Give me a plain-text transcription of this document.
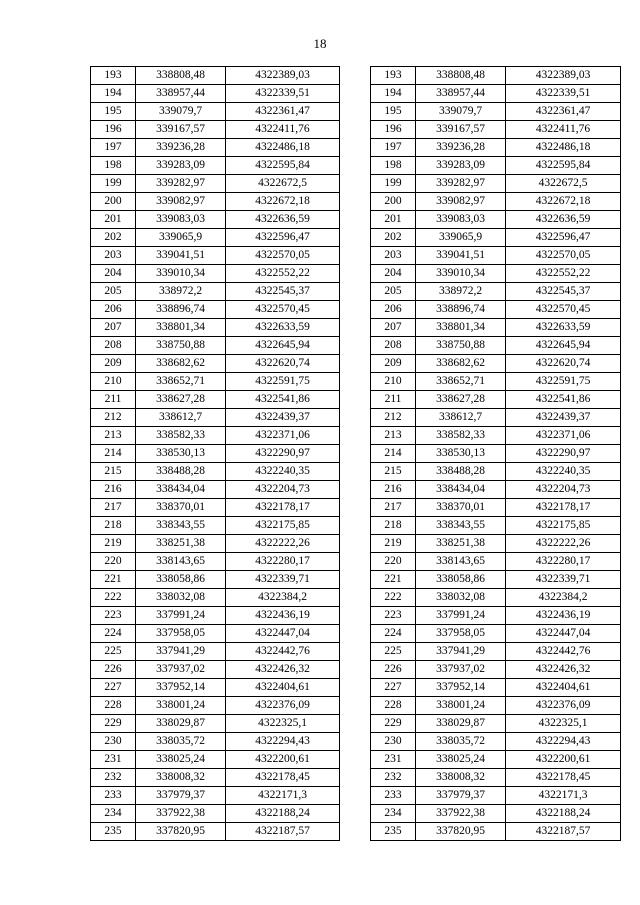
18
193	338808,48	4322389,03
194	338957,44	4322339,51
195	339079,7	4322361,47
196	339167,57	4322411,76
197	339236,28	4322486,18
198	339283,09	4322595,84
199	339282,97	4322672,5
200	339082,97	4322672,18
201	339083,03	4322636,59
202	339065,9	4322596,47
203	339041,51	4322570,05
204	339010,34	4322552,22
205	338972,2	4322545,37
206	338896,74	4322570,45
207	338801,34	4322633,59
208	338750,88	4322645,94
209	338682,62	4322620,74
210	338652,71	4322591,75
211	338627,28	4322541,86
212	338612,7	4322439,37
213	338582,33	4322371,06
214	338530,13	4322290,97
215	338488,28	4322240,35
216	338434,04	4322204,73
217	338370,01	4322178,17
218	338343,55	4322175,85
219	338251,38	4322222,26
220	338143,65	4322280,17
221	338058,86	4322339,71
222	338032,08	4322384,2
223	337991,24	4322436,19
224	337958,05	4322447,04
225	337941,29	4322442,76
226	337937,02	4322426,32
227	337952,14	4322404,61
228	338001,24	4322376,09
229	338029,87	4322325,1
230	338035,72	4322294,43
231	338025,24	4322200,61
232	338008,32	4322178,45
233	337979,37	4322171,3
234	337922,38	4322188,24
235	337820,95	4322187,57
193	338808,48	4322389,03
194	338957,44	4322339,51
195	339079,7	4322361,47
196	339167,57	4322411,76
197	339236,28	4322486,18
198	339283,09	4322595,84
199	339282,97	4322672,5
200	339082,97	4322672,18
201	339083,03	4322636,59
202	339065,9	4322596,47
203	339041,51	4322570,05
204	339010,34	4322552,22
205	338972,2	4322545,37
206	338896,74	4322570,45
207	338801,34	4322633,59
208	338750,88	4322645,94
209	338682,62	4322620,74
210	338652,71	4322591,75
211	338627,28	4322541,86
212	338612,7	4322439,37
213	338582,33	4322371,06
214	338530,13	4322290,97
215	338488,28	4322240,35
216	338434,04	4322204,73
217	338370,01	4322178,17
218	338343,55	4322175,85
219	338251,38	4322222,26
220	338143,65	4322280,17
221	338058,86	4322339,71
222	338032,08	4322384,2
223	337991,24	4322436,19
224	337958,05	4322447,04
225	337941,29	4322442,76
226	337937,02	4322426,32
227	337952,14	4322404,61
228	338001,24	4322376,09
229	338029,87	4322325,1
230	338035,72	4322294,43
231	338025,24	4322200,61
232	338008,32	4322178,45
233	337979,37	4322171,3
234	337922,38	4322188,24
235	337820,95	4322187,57
